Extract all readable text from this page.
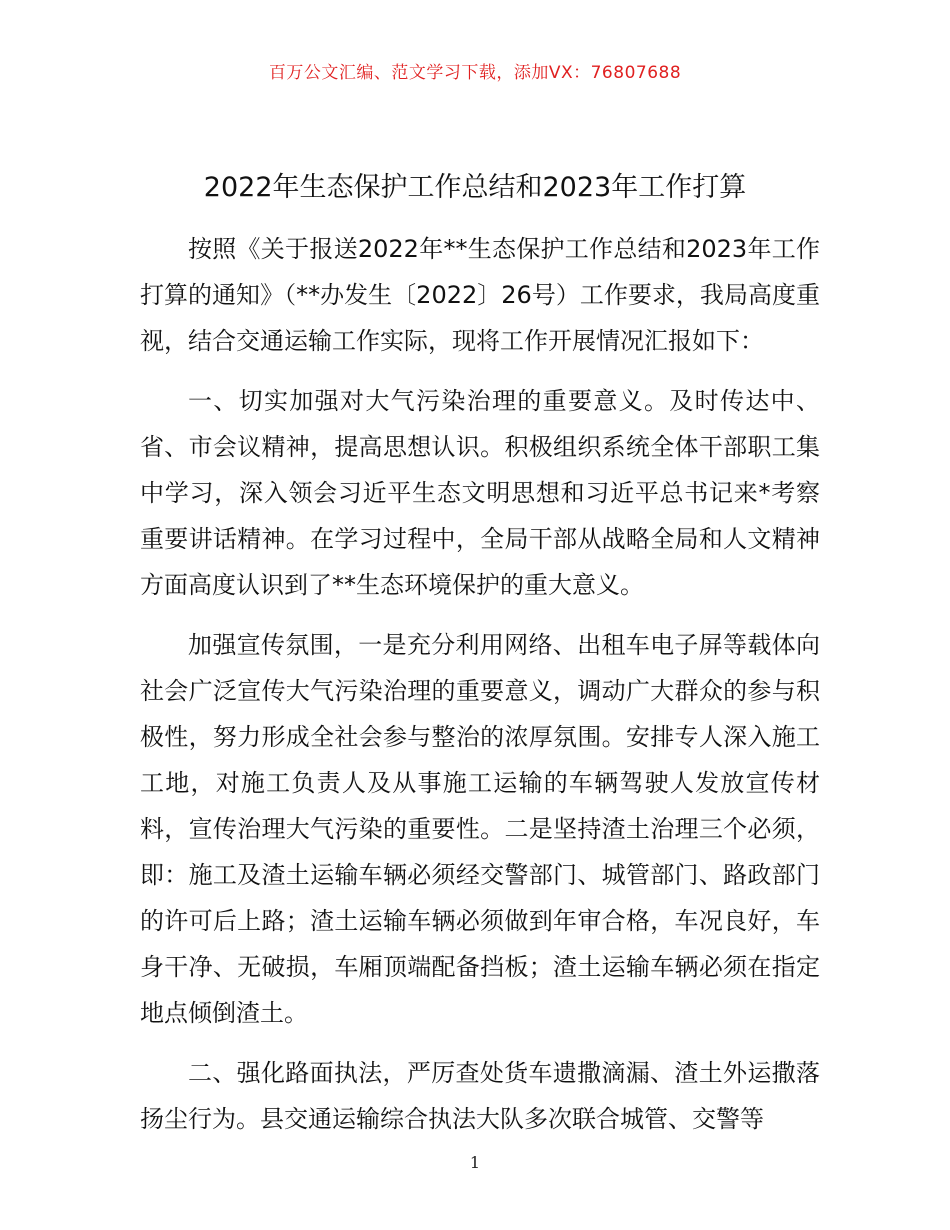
百万公文汇编、范文学习下载，添加VX：76807688
2022年生态保护工作总结和2023年工作打算

按照《关于报送2022年**生态保护工作总结和2023年工作打算的通知》（**办发生〔2022〕26号）工作要求，我局高度重视，结合交通运输工作实际，现将工作开展情况汇报如下：

一、切实加强对大气污染治理的重要意义。及时传达中、省、市会议精神，提高思想认识。积极组织系统全体干部职工集中学习，深入领会习近平生态文明思想和习近平总书记来*考察重要讲话精神。在学习过程中，全局干部从战略全局和人文精神方面高度认识到了**生态环境保护的重大意义。

加强宣传氛围，一是充分利用网络、出租车电子屏等载体向社会广泛宣传大气污染治理的重要意义，调动广大群众的参与积极性，努力形成全社会参与整治的浓厚氛围。安排专人深入施工工地，对施工负责人及从事施工运输的车辆驾驶人发放宣传材料，宣传治理大气污染的重要性。二是坚持渣土治理三个必须，即：施工及渣土运输车辆必须经交警部门、城管部门、路政部门的许可后上路；渣土运输车辆必须做到年审合格，车况良好，车身干净、无破损，车厢顶端配备挡板；渣土运输车辆必须在指定地点倾倒渣土。

二、强化路面执法，严厉查处货车遗撒滴漏、渣土外运撒落扬尘行为。县交通运输综合执法大队多次联合城管、交警等

1
